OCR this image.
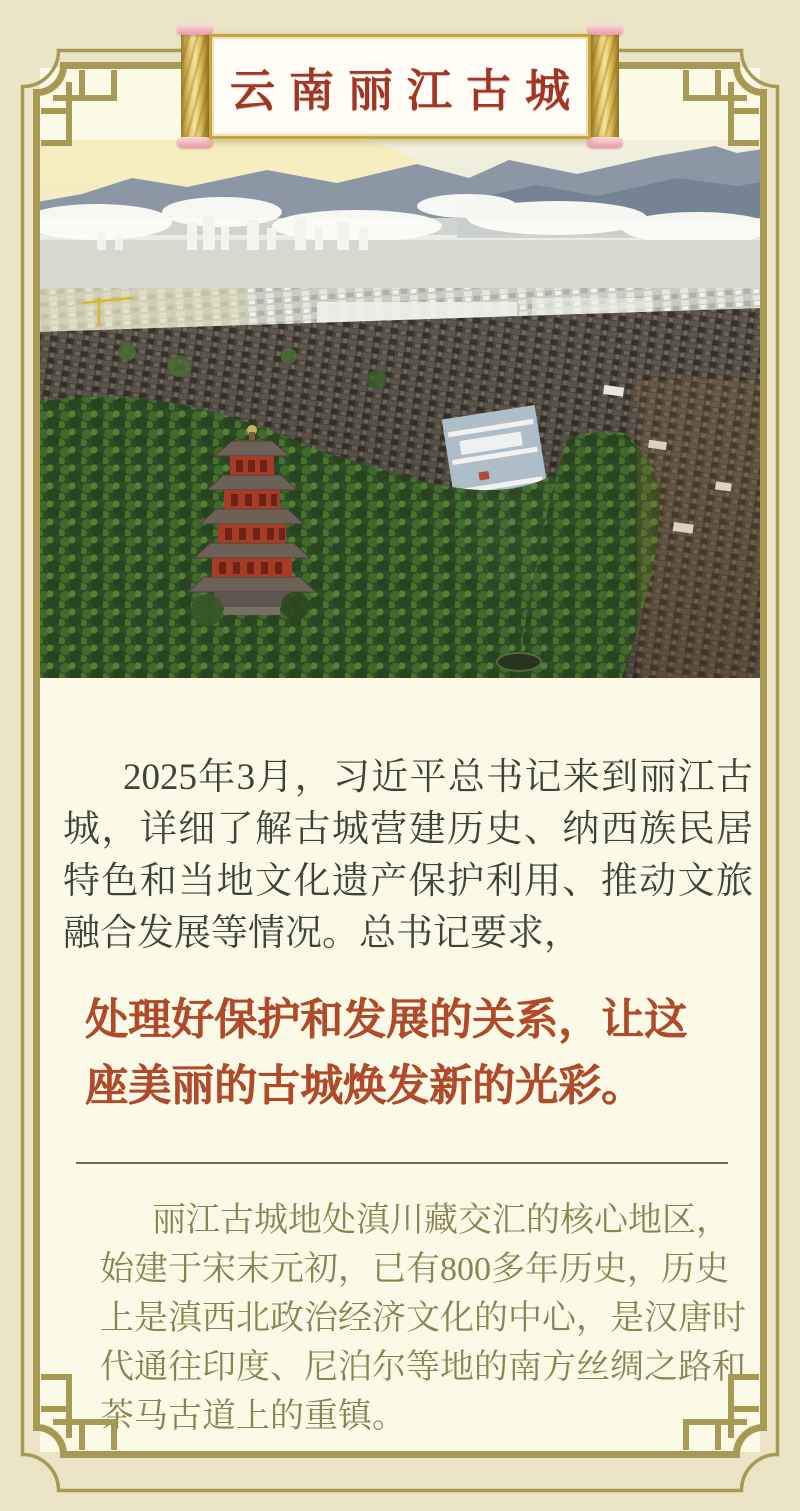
云南丽江古城

2025年3月，习近平总书记来到丽江古城，详细了解古城营建历史、纳西族民居特色和当地文化遗产保护利用、推动文旅融合发展等情况。总书记要求，

处理好保护和发展的关系，让这座美丽的古城焕发新的光彩。

丽江古城地处滇川藏交汇的核心地区，始建于宋末元初，已有800多年历史，历史上是滇西北政治经济文化的中心，是汉唐时代通往印度、尼泊尔等地的南方丝绸之路和茶马古道上的重镇。
